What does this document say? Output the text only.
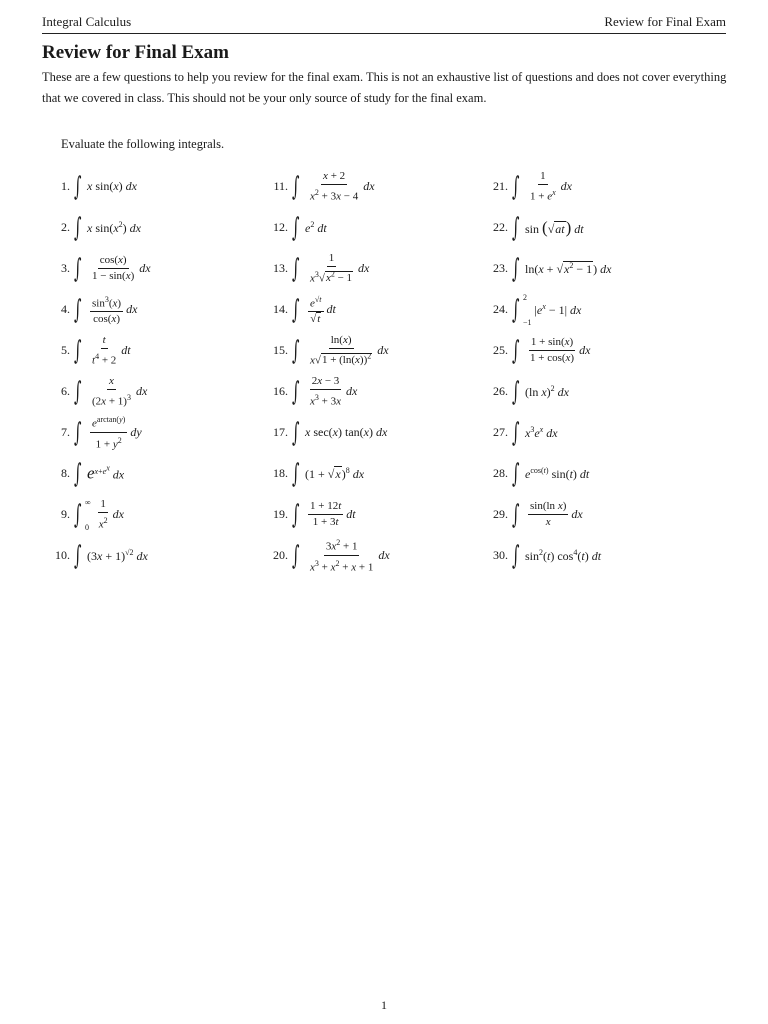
Integral Calculus	Review for Final Exam
Review for Final Exam
These are a few questions to help you review for the final exam. This is not an exhaustive list of questions and does not cover everything that we covered in class. This should not be your only source of study for the final exam.
Evaluate the following integrals.
1. ∫ x sin(x) dx
2. ∫ x $\sin(x^2)$ dx
3. ∫ $\frac{\cos(x)}{1 - \sin(x)}$ dx
4. ∫ $\frac{\sin^3(x)}{\cos(x)}$ dx
5. ∫ $\frac{t}{t^4 + 2}$ dt
6. ∫ $\frac{x}{(2x + 1)^3}$ dx
7. ∫ $\frac{e^{arctan(y)}}{1 + y^2}$ dy
8. ∫ $e^{x+e^x}$ dx
9. ∫ ∞
$0 \frac{1}{x^2}$ dx
10. ∫ $(3x + 1)^{√2}$ dx
11. ∫ $\frac{x + 2}{x^2 + 3x - 4}$ dx
12. ∫ $e^2$ dt
13. ∫ $\frac{1}{x^3√x^2 - 1}$ dx
14. ∫ $\frac{e^{√t}}{√t}$ dt
15. ∫ $\frac{\ln(x)}{x√1 + (\ln(x))^2}$ dx
16. ∫ $\frac{2x - 3}{x^3 + 3x}$ dx
17. ∫ x sec(x) tan(x) dx
18. ∫ $(1 + √x)^8$ dx
19. ∫ $\frac{1 + 12t}{1 + 3t}$ dt
20. ∫ $\frac{3x^2 + 1}{x^3 + x^2 + x + 1}$ dx
21. ∫ $\frac{1}{1 + e^x}$ dx
22. ∫ sin (√at) dt
23. ∫ $\ln(x + √x^2 - 1)$ dx
24. ∫ 2
−1
$|e^x - 1|$ dx
25. ∫ $\frac{1 + \sin(x)}{1 + \cos(x)}$ dx
26. ∫ (ln x)$^2$ dx
27. ∫ $x^3e^x$ dx
28. ∫ $e^{cos(t)}$ sin(t) dt
29. ∫ $\frac{\text{sin(ln x)}}{x}$ dx
30. ∫ $\sin^2(t)$ $\cos^4(t)$ dt
1
